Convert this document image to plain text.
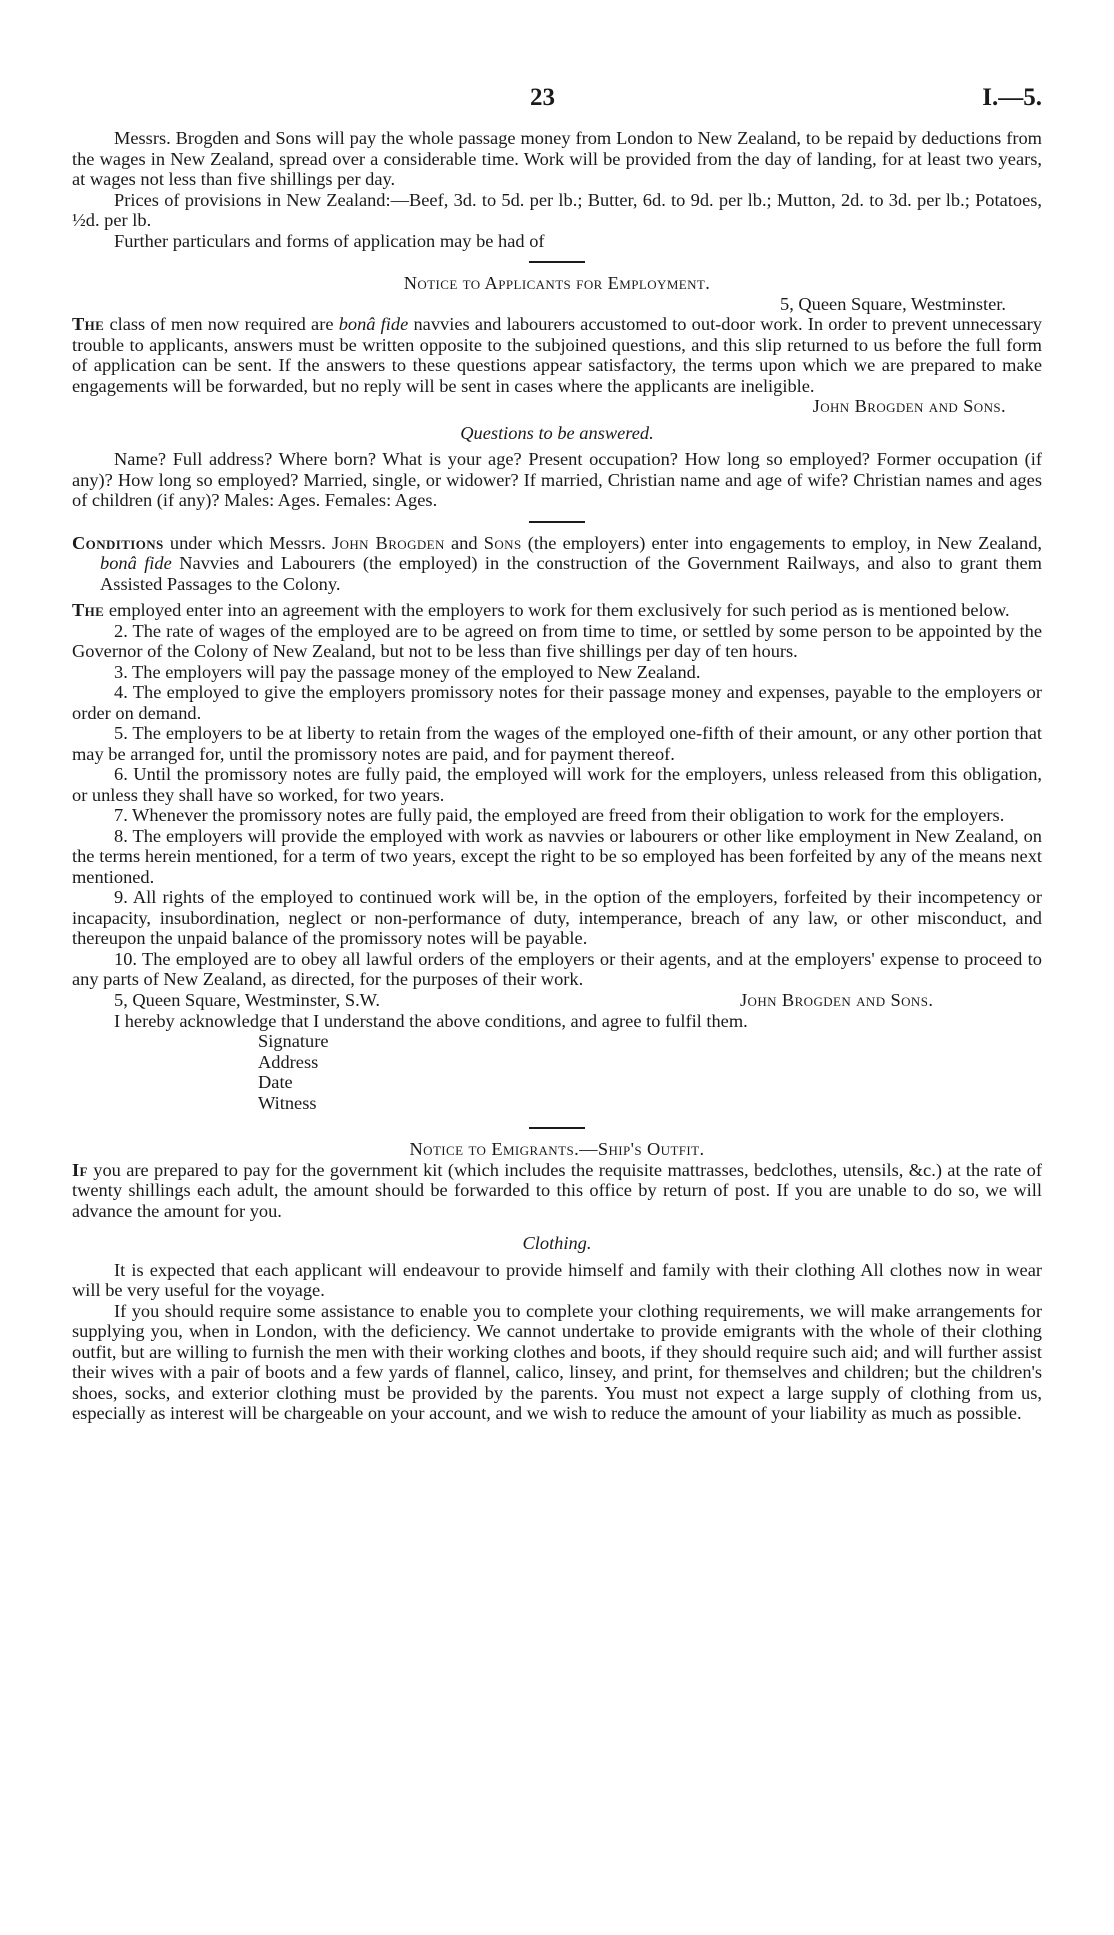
23	I.—5.

Messrs. Brogden and Sons will pay the whole passage money from London to New Zealand, to be repaid by deductions from the wages in New Zealand, spread over a considerable time. Work will be provided from the day of landing, for at least two years, at wages not less than five shillings per day.

Prices of provisions in New Zealand:—Beef, 3d. to 5d. per lb.; Butter, 6d. to 9d. per lb.; Mutton, 2d. to 3d. per lb.; Potatoes, ½d. per lb.

Further particulars and forms of application may be had of

Notice to Applicants for Employment.

5, Queen Square, Westminster.

The class of men now required are bonâ fide navvies and labourers accustomed to out-door work. In order to prevent unnecessary trouble to applicants, answers must be written opposite to the subjoined questions, and this slip returned to us before the full form of application can be sent. If the answers to these questions appear satisfactory, the terms upon which we are prepared to make engagements will be forwarded, but no reply will be sent in cases where the applicants are ineligible.

John Brogden and Sons.

Questions to be answered.

Name? Full address? Where born? What is your age? Present occupation? How long so employed? Former occupation (if any)? How long so employed? Married, single, or widower? If married, Christian name and age of wife? Christian names and ages of children (if any)? Males: Ages. Females: Ages.

Conditions under which Messrs. John Brogden and Sons (the employers) enter into engagements to employ, in New Zealand, bonâ fide Navvies and Labourers (the employed) in the construction of the Government Railways, and also to grant them Assisted Passages to the Colony.

The employed enter into an agreement with the employers to work for them exclusively for such period as is mentioned below.

2. The rate of wages of the employed are to be agreed on from time to time, or settled by some person to be appointed by the Governor of the Colony of New Zealand, but not to be less than five shillings per day of ten hours.

3. The employers will pay the passage money of the employed to New Zealand.

4. The employed to give the employers promissory notes for their passage money and expenses, payable to the employers or order on demand.

5. The employers to be at liberty to retain from the wages of the employed one-fifth of their amount, or any other portion that may be arranged for, until the promissory notes are paid, and for payment thereof.

6. Until the promissory notes are fully paid, the employed will work for the employers, unless released from this obligation, or unless they shall have so worked, for two years.

7. Whenever the promissory notes are fully paid, the employed are freed from their obligation to work for the employers.

8. The employers will provide the employed with work as navvies or labourers or other like employment in New Zealand, on the terms herein mentioned, for a term of two years, except the right to be so employed has been forfeited by any of the means next mentioned.

9. All rights of the employed to continued work will be, in the option of the employers, forfeited by their incompetency or incapacity, insubordination, neglect or non-performance of duty, intemperance, breach of any law, or other misconduct, and thereupon the unpaid balance of the promissory notes will be payable.

10. The employed are to obey all lawful orders of the employers or their agents, and at the employers' expense to proceed to any parts of New Zealand, as directed, for the purposes of their work.

5, Queen Square, Westminster, S.W.	John Brogden and Sons.

I hereby acknowledge that I understand the above conditions, and agree to fulfil them.

Signature
Address
Date
Witness

Notice to Emigrants.—Ship's Outfit.

If you are prepared to pay for the government kit (which includes the requisite mattrasses, bedclothes, utensils, &c.) at the rate of twenty shillings each adult, the amount should be forwarded to this office by return of post. If you are unable to do so, we will advance the amount for you.

Clothing.

It is expected that each applicant will endeavour to provide himself and family with their clothing All clothes now in wear will be very useful for the voyage.

If you should require some assistance to enable you to complete your clothing requirements, we will make arrangements for supplying you, when in London, with the deficiency. We cannot undertake to provide emigrants with the whole of their clothing outfit, but are willing to furnish the men with their working clothes and boots, if they should require such aid; and will further assist their wives with a pair of boots and a few yards of flannel, calico, linsey, and print, for themselves and children; but the children's shoes, socks, and exterior clothing must be provided by the parents. You must not expect a large supply of clothing from us, especially as interest will be chargeable on your account, and we wish to reduce the amount of your liability as much as possible.
